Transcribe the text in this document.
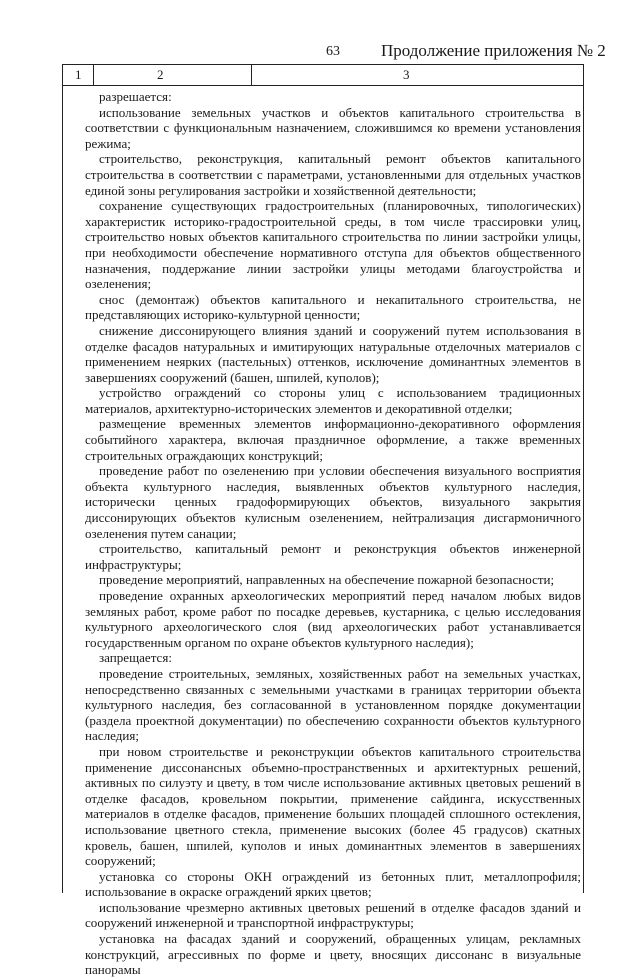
63 Продолжение приложения № 2
1	2	3

разрешается:

использование земельных участков и объектов капитального строительства в соответствии с функциональным назначением, сложившимся ко времени установления режима;

строительство, реконструкция, капитальный ремонт объектов капитального строительства в соответствии с параметрами, установленными для отдельных участков единой зоны регулирования застройки и хозяйственной деятельности;

сохранение существующих градостроительных (планировочных, типологических) характеристик историко-градостроительной среды, в том числе трассировки улиц, строительство новых объектов капитального строительства по линии застройки улицы, при необходимости обеспечение нормативного отступа для объектов общественного назначения, поддержание линии застройки улицы методами благоустройства и озеленения;

снос (демонтаж) объектов капитального и некапитального строительства, не представляющих историко-культурной ценности;

снижение диссонирующего влияния зданий и сооружений путем использования в отделке фасадов натуральных и имитирующих натуральные отделочных материалов с применением неярких (пастельных) оттенков, исключение доминантных элементов в завершениях сооружений (башен, шпилей, куполов);

устройство ограждений со стороны улиц с использованием традиционных материалов, архитектурно-исторических элементов и декоративной отделки;

размещение временных элементов информационно-декоративного оформления событийного характера, включая праздничное оформление, а также временных строительных ограждающих конструкций;

проведение работ по озеленению при условии обеспечения визуального восприятия объекта культурного наследия, выявленных объектов культурного наследия, исторически ценных градоформирующих объектов, визуального закрытия диссонирующих объектов кулисным озеленением, нейтрализация дисгармоничного озеленения путем санации;

строительство, капитальный ремонт и реконструкция объектов инженерной инфраструктуры;

проведение мероприятий, направленных на обеспечение пожарной безопасности;

проведение охранных археологических мероприятий перед началом любых видов земляных работ, кроме работ по посадке деревьев, кустарника, с целью исследования культурного археологического слоя (вид археологических работ устанавливается государственным органом по охране объектов культурного наследия);

запрещается:

проведение строительных, земляных, хозяйственных работ на земельных участках, непосредственно связанных с земельными участками в границах территории объекта культурного наследия, без согласованной в установленном порядке документации (раздела проектной документации) по обеспечению сохранности объектов культурного наследия;

при новом строительстве и реконструкции объектов капитального строительства применение диссонансных объемно-пространственных и архитектурных решений, активных по силуэту и цвету, в том числе использование активных цветовых решений в отделке фасадов, кровельном покрытии, применение сайдинга, искусственных материалов в отделке фасадов, применение больших площадей сплошного остекления, использование цветного стекла, применение высоких (более 45 градусов) скатных кровель, башен, шпилей, куполов и иных доминантных элементов в завершениях сооружений;

установка со стороны ОКН ограждений из бетонных плит, металлопрофиля; использование в окраске ограждений ярких цветов;

использование чрезмерно активных цветовых решений в отделке фасадов зданий и сооружений инженерной и транспортной инфраструктуры;

установка на фасадах зданий и сооружений, обращенных улицам, рекламных конструкций, агрессивных по форме и цвету, вносящих диссонанс в визуальные панорамы
